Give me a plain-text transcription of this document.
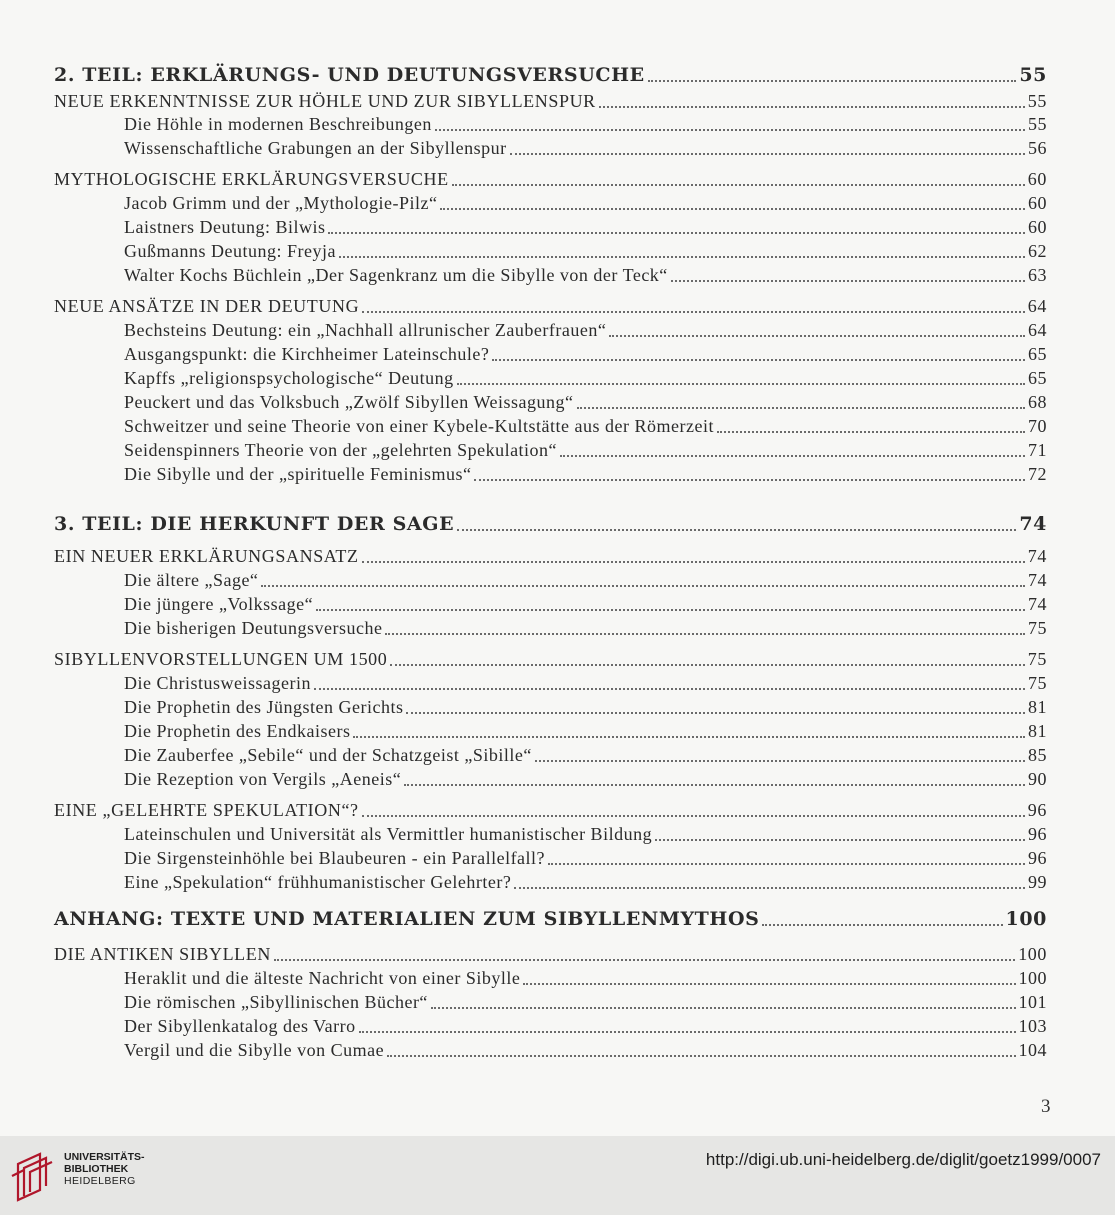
2. TEIL: ERKLÄRUNGS- UND DEUTUNGSVERSUCHE	55
NEUE ERKENNTNISSE ZUR HÖHLE UND ZUR SIBYLLENSPUR	55
Die Höhle in modernen Beschreibungen	55
Wissenschaftliche Grabungen an der Sibyllenspur	56
MYTHOLOGISCHE ERKLÄRUNGSVERSUCHE	60
Jacob Grimm und der „Mythologie-Pilz“	60
Laistners Deutung: Bilwis	60
Gußmanns Deutung: Freyja	62
Walter Kochs Büchlein „Der Sagenkranz um die Sibylle von der Teck“	63
NEUE ANSÄTZE IN DER DEUTUNG	64
Bechsteins Deutung: ein „Nachhall allrunischer Zauberfrauen“	64
Ausgangspunkt: die Kirchheimer Lateinschule?	65
Kapffs „religionspsychologische“ Deutung	65
Peuckert und das Volksbuch „Zwölf Sibyllen Weissagung“	68
Schweitzer und seine Theorie von einer Kybele-Kultstätte aus der Römerzeit	70
Seidenspinners Theorie von der „gelehrten Spekulation“	71
Die Sibylle und der „spirituelle Feminismus“	72
3. TEIL: DIE HERKUNFT DER SAGE	74
EIN NEUER ERKLÄRUNGSANSATZ	74
Die ältere „Sage“	74
Die jüngere „Volkssage“	74
Die bisherigen Deutungsversuche	75
SIBYLLENVORSTELLUNGEN UM 1500	75
Die Christusweissagerin	75
Die Prophetin des Jüngsten Gerichts	81
Die Prophetin des Endkaisers	81
Die Zauberfee „Sebile“ und der Schatzgeist „Sibille“	85
Die Rezeption von Vergils „Aeneis“	90
EINE „GELEHRTE SPEKULATION“?	96
Lateinschulen und Universität als Vermittler humanistischer Bildung	96
Die Sirgensteinhöhle bei Blaubeuren - ein Parallelfall?	96
Eine „Spekulation“ frühhumanistischer Gelehrter?	99
ANHANG: TEXTE UND MATERIALIEN ZUM SIBYLLENMYTHOS	100
DIE ANTIKEN SIBYLLEN	100
Heraklit und die älteste Nachricht von einer Sibylle	100
Die römischen „Sibyllinischen Bücher“	101
Der Sibyllenkatalog des Varro	103
Vergil und die Sibylle von Cumae	104
3
UNIVERSITÄTS-
BIBLIOTHEK
HEIDELBERG
http://digi.ub.uni-heidelberg.de/diglit/goetz1999/0007
